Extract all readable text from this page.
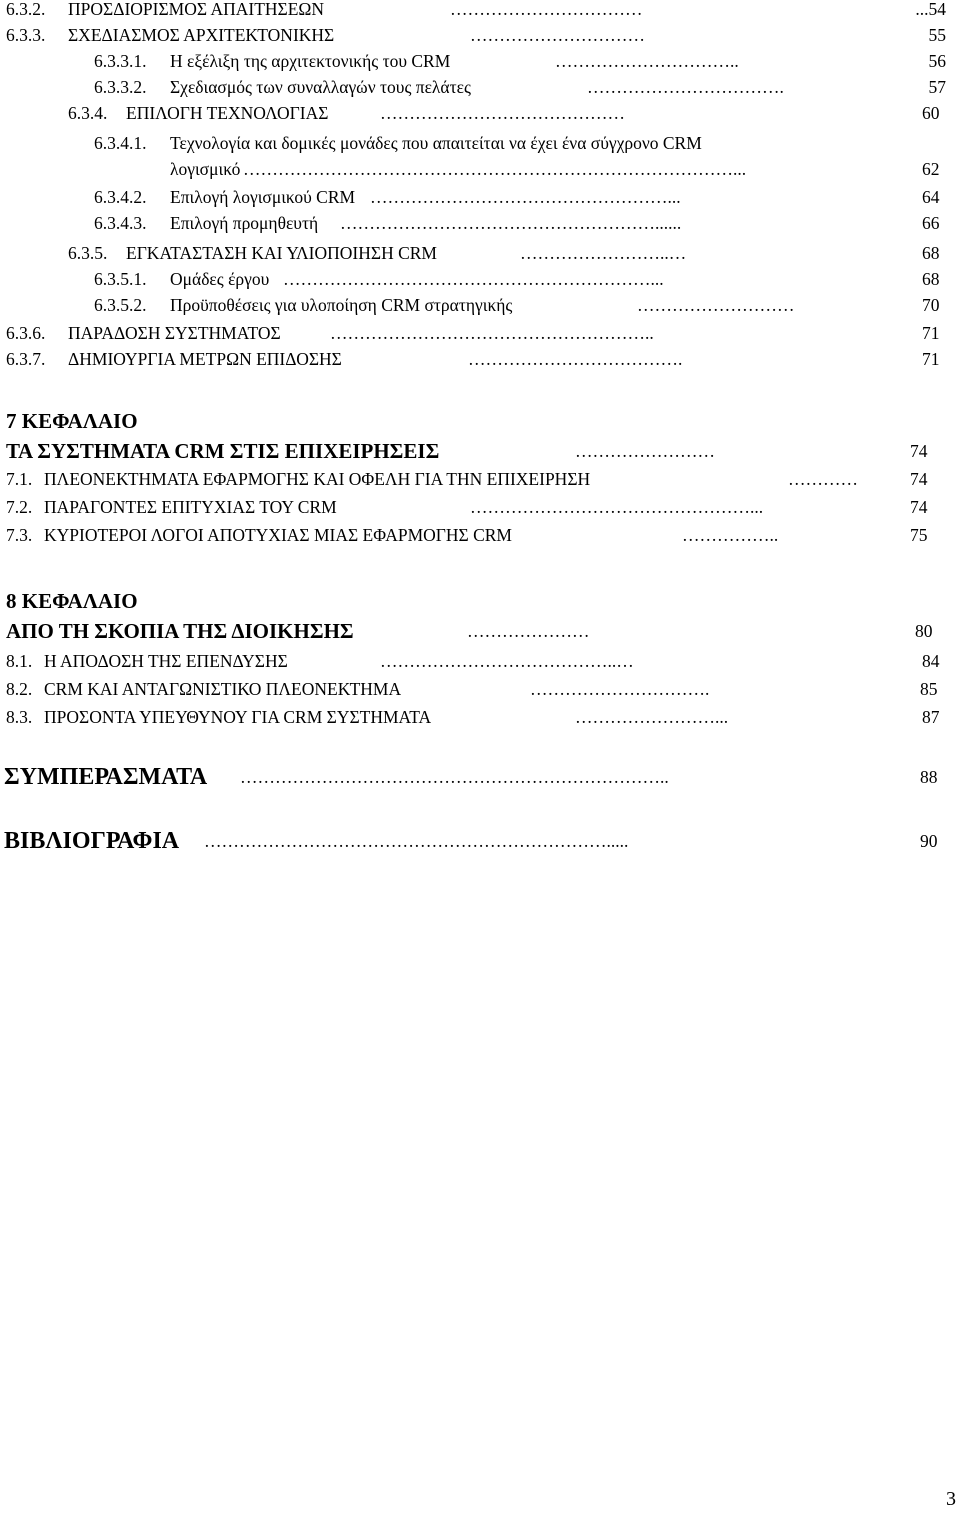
6.3.2. ΠΡΟΣΔΙΟΡΙΣΜΟΣ ΑΠΑΙΤΗΣΕΩΝ	……………………………	...54
6.3.3. ΣΧΕΔΙΑΣΜΟΣ ΑΡΧΙΤΕΚΤΟΝΙΚΗΣ	…………………………	55
6.3.3.1. Η εξέλιξη της αρχιτεκτονικής του CRM	…………………………..	56
6.3.3.2. Σχεδιασμός των συναλλαγών τους πελάτες	…………………………….	57
6.3.4. ΕΠΙΛΟΓΗ ΤΕΧΝΟΛΟΓΙΑΣ	……………………………………	60
6.3.4.1. Τεχνολογία και δομικές μονάδες που απαιτείται να έχει ένα σύγχρονο CRM
λογισμικό …………………………………………………………………………...	62
6.3.4.2. Επιλογή λογισμικού CRM ……………………………………………...	64
6.3.4.3. Επιλογή προμηθευτή ………………………………………………......	66
6.3.5. ΕΓΚΑΤΑΣΤΑΣΗ ΚΑΙ ΥΛΙΟΠΟΙΗΣΗ CRM	……………………..…	68
6.3.5.1. Ομάδες έργου ………………………………………………………...	68
6.3.5.2. Προϋποθέσεις για υλοποίηση CRM στρατηγικής	………………………	70
6.3.6. ΠΑΡΑΔΟΣΗ ΣΥΣΤΗΜΑΤΟΣ	………………………………………………..	71
6.3.7. ΔΗΜΙΟΥΡΓΙΑ ΜΕΤΡΩΝ ΕΠΙΔΟΣΗΣ	……………………………….	71
7 ΚΕΦΑΛΑΙΟ
ΤΑ ΣΥΣΤΗΜΑΤΑ CRM ΣΤΙΣ ΕΠΙΧΕΙΡΗΣΕΙΣ	……………………	74
7.1. ΠΛΕΟΝΕΚΤΗΜΑΤΑ ΕΦΑΡΜΟΓΗΣ ΚΑΙ ΟΦΕΛΗ ΓΙΑ ΤΗΝ ΕΠΙΧΕΙΡΗΣΗ	…………	74
7.2. ΠΑΡΑΓΟΝΤΕΣ ΕΠΙΤΥΧΙΑΣ ΤΟΥ CRM	…………………………………………...	74
7.3. ΚΥΡΙΟΤΕΡΟΙ ΛΟΓΟΙ ΑΠΟΤΥΧΙΑΣ ΜΙΑΣ ΕΦΑΡΜΟΓΗΣ CRM	……………..	75
8 ΚΕΦΑΛΑΙΟ
ΑΠΟ ΤΗ ΣΚΟΠΙΑ ΤΗΣ ΔΙΟΙΚΗΣΗΣ	…………………	80
8.1. Η ΑΠΟΔΟΣΗ ΤΗΣ ΕΠΕΝΔΥΣΗΣ	…………………………………..…	84
8.2. CRM ΚΑΙ ΑΝΤΑΓΩΝΙΣΤΙΚΟ ΠΛΕΟΝΕΚΤΗΜΑ	………………………….	85
8.3. ΠΡΟΣΟΝΤΑ ΥΠΕΥΘΥΝΟΥ ΓΙΑ CRM ΣΥΣΤΗΜΑΤΑ	……………………...	87
ΣΥΜΠΕΡΑΣΜΑΤΑ ………………………………………………………………..	88
ΒΙΒΛΙΟΓΡΑΦΙΑ …………………………………………………………….....	90
3
